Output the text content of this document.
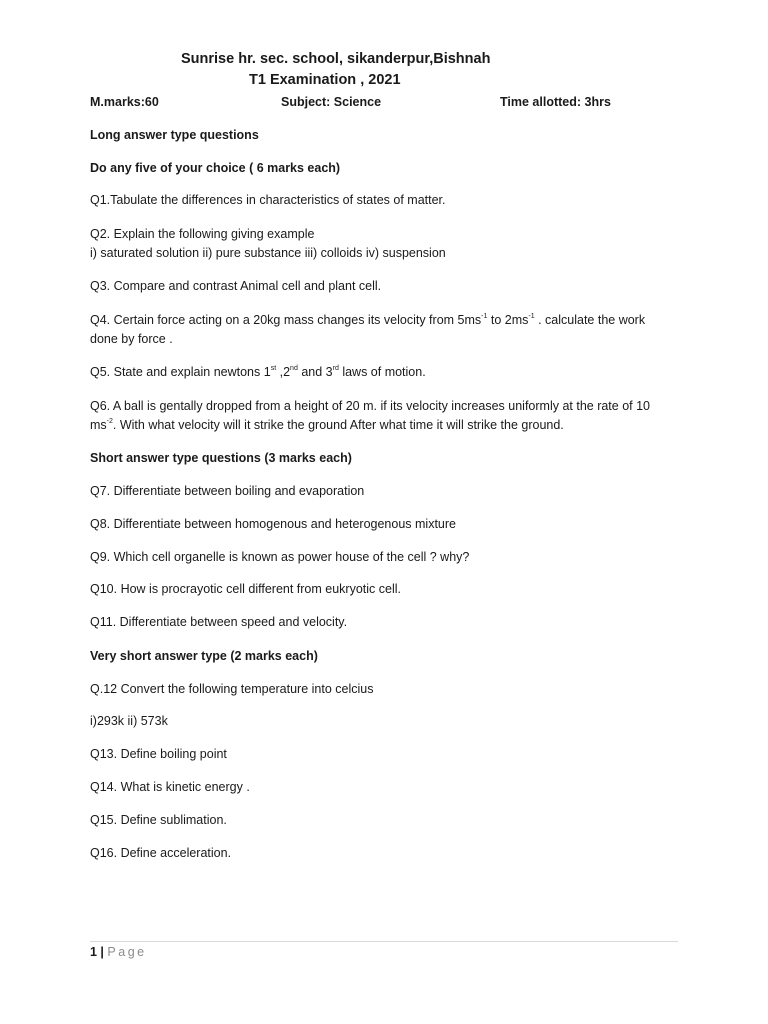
Sunrise hr. sec. school, sikanderpur,Bishnah
T1 Examination , 2021
M.marks:60	Subject: Science	Time allotted: 3hrs
Long answer type questions
Do any five of your choice ( 6 marks each)
Q1.Tabulate the differences in characteristics of states of matter.
Q2. Explain the following giving example
i) saturated solution ii) pure substance iii) colloids iv) suspension
Q3. Compare and contrast Animal cell and plant cell.
Q4. Certain force acting on a 20kg mass changes its velocity from $5ms^{-1}$ to $2ms^{-1}$ . calculate the work
done by force .
Q5. State and explain newtons 1st ,2nd and 3rd laws of motion.
Q6. A ball is gentally dropped from a height of 20 m. if its velocity increases uniformly at the rate of 10
$ms^{-2}$. With what velocity will it strike the ground After what time it will strike the ground.
Short answer type questions (3 marks each)
Q7. Differentiate between boiling and evaporation
Q8. Differentiate between homogenous and heterogenous mixture
Q9. Which cell organelle is known as power house of the cell ? why?
Q10. How is procrayotic cell different from eukryotic cell.
Q11. Differentiate between speed and velocity.
Very short answer type (2 marks each)
Q.12 Convert the following temperature into celcius
i)293k ii) 573k
Q13. Define boiling point
Q14. What is kinetic energy .
Q15. Define sublimation.
Q16. Define acceleration.
1 | Page
